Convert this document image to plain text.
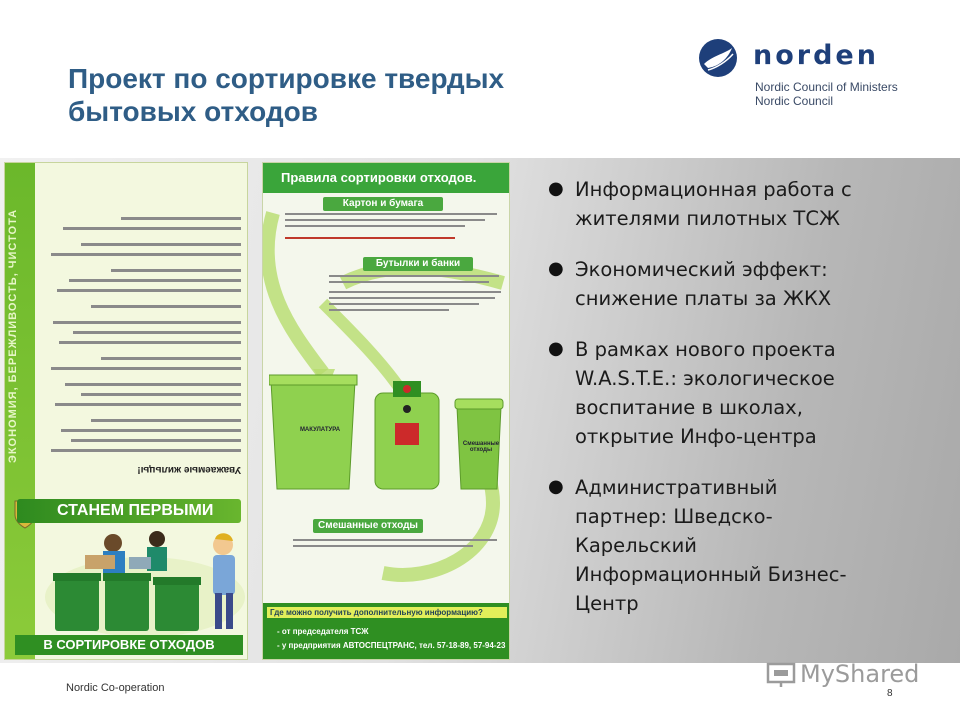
Проект по сортировке твердых
бытовых отходов
norden
Nordic Council of Ministers
Nordic Council
ЭКОНОМИЯ, БЕРЕЖЛИВОСТЬ, ЧИСТОТА
Уважаемые жильцы!
СТАНЕМ ПЕРВЫМИ
В СОРТИРОВКЕ ОТХОДОВ
Правила сортировки отходов.
Картон и бумага
Бутылки и банки
МАКУЛАТУРА
Смешанные отходы
Смешанные отходы
Где можно получить дополнительную информацию?
- от председателя ТСЖ
- у предприятия АВТОСПЕЦТРАНС, тел. 57-18-89, 57-94-23
● Информационная работа с
жителями пилотных ТСЖ
● Экономический эффект:
снижение платы за ЖКХ
● В рамках нового проекта
W.A.S.T.E.: экологическое
воспитание в школах,
открытие Инфо-центра
● Административный
партнер: Шведско-
Карельский
Информационный Бизнес-
Центр
Nordic Co-operation	MyShared
8
